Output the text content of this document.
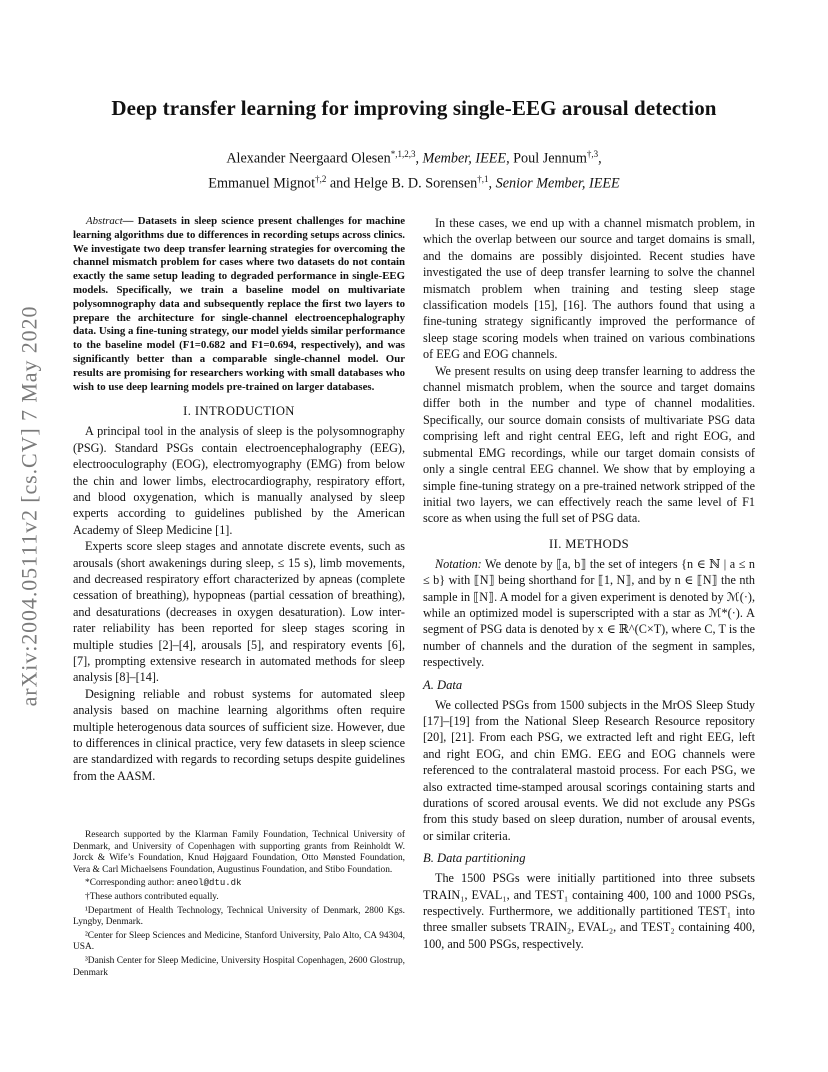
arXiv:2004.05111v2 [cs.CV] 7 May 2020
Deep transfer learning for improving single-EEG arousal detection
Alexander Neergaard Olesen$^{*,1,2,3}$, Member, IEEE, Poul Jennum$^{\dagger,3}$,
Emmanuel Mignot$^{\dagger,2}$ and Helge B. D. Sorensen$^{\dagger,1}$, Senior Member, IEEE

Abstract— Datasets in sleep science present challenges for machine learning algorithms due to differences in recording setups across clinics. We investigate two deep transfer learning strategies for overcoming the channel mismatch problem for cases where two datasets do not contain exactly the same setup leading to degraded performance in single-EEG models. Specifically, we train a baseline model on multivariate polysomnography data and subsequently replace the first two layers to prepare the architecture for single-channel electroencephalography data. Using a fine-tuning strategy, our model yields similar performance to the baseline model (F1=0.682 and F1=0.694, respectively), and was significantly better than a comparable single-channel model. Our results are promising for researchers working with small databases who wish to use deep learning models pre-trained on larger databases.

I. INTRODUCTION

A principal tool in the analysis of sleep is the polysomnography (PSG). Standard PSGs contain electroencephalography (EEG), electrooculography (EOG), electromyography (EMG) from below the chin and lower limbs, electrocardiography, respiratory effort, and blood oxygenation, which is manually analysed by sleep experts according to guidelines published by the American Academy of Sleep Medicine [1].

Experts score sleep stages and annotate discrete events, such as arousals (short awakenings during sleep, ≤ 15 s), limb movements, and decreased respiratory effort characterized by apneas (complete cessation of breathing), hypopneas (partial cessation of breathing), and desaturations (decreases in oxygen desaturation). Low inter-rater reliability has been reported for sleep stages scoring in multiple studies [2]–[4], arousals [5], and respiratory events [6], [7], prompting extensive research in automated methods for sleep analysis [8]–[14].

Designing reliable and robust systems for automated sleep analysis based on machine learning algorithms often require multiple heterogenous data sources of sufficient size. However, due to differences in clinical practice, very few datasets in sleep science are standardized with regards to recording setups despite guidelines from the AASM.

In these cases, we end up with a channel mismatch problem, in which the overlap between our source and target domains is small, and the domains are possibly disjointed. Recent studies have investigated the use of deep transfer learning to solve the channel mismatch problem when training and testing sleep stage classification models [15], [16]. The authors found that using a fine-tuning strategy significantly improved the performance of sleep stage scoring models when trained on various combinations of EEG and EOG channels.

We present results on using deep transfer learning to address the channel mismatch problem, when the source and target domains differ both in the number and type of channel modalities. Specifically, our source domain consists of multivariate PSG data comprising left and right central EEG, left and right EOG, and submental EMG recordings, while our target domain consists of only a single central EEG channel. We show that by employing a simple fine-tuning strategy on a pre-trained network stripped of the initial two layers, we can effectively reach the same level of F1 score as when using the full set of PSG data.

II. METHODS

Notation: We denote by ⟦a, b⟧ the set of integers {n ∈ ℕ | a ≤ n ≤ b} with ⟦N⟧ being shorthand for ⟦1, N⟧, and by n ∈ ⟦N⟧ the nth sample in ⟦N⟧. A model for a given experiment is denoted by ℳ(·), while an optimized model is superscripted with a star as ℳ*(·). A segment of PSG data is denoted by x ∈ ℝ^(C×T), where C, T is the number of channels and the duration of the segment in samples, respectively.

A. Data

We collected PSGs from 1500 subjects in the MrOS Sleep Study [17]–[19] from the National Sleep Research Resource repository [20], [21]. From each PSG, we extracted left and right EEG, left and right EOG, and chin EMG. EEG and EOG channels were referenced to the contralateral mastoid process. For each PSG, we also extracted time-stamped arousal scorings containing starts and durations of scored arousal events. We did not exclude any PSGs from this study based on sleep duration, number of arousal events, or similar criteria.

B. Data partitioning

The 1500 PSGs were initially partitioned into three subsets TRAIN₁, EVAL₁, and TEST₁ containing 400, 100 and 1000 PSGs, respectively. Furthermore, we additionally partitioned TEST₁ into three smaller subsets TRAIN₂, EVAL₂, and TEST₂ containing 400, 100, and 500 PSGs, respectively.

Research supported by the Klarman Family Foundation, Technical University of Denmark, and University of Copenhagen with supporting grants from Reinholdt W. Jorck & Wife’s Foundation, Knud Højgaard Foundation, Otto Mønsted Foundation, Vera & Carl Michaelsens Foundation, Augustinus Foundation, and Stibo Foundation.

*Corresponding author: aneol@dtu.dk

†These authors contributed equally.

¹Department of Health Technology, Technical University of Denmark, 2800 Kgs. Lyngby, Denmark.

²Center for Sleep Sciences and Medicine, Stanford University, Palo Alto, CA 94304, USA.

³Danish Center for Sleep Medicine, University Hospital Copenhagen, 2600 Glostrup, Denmark
